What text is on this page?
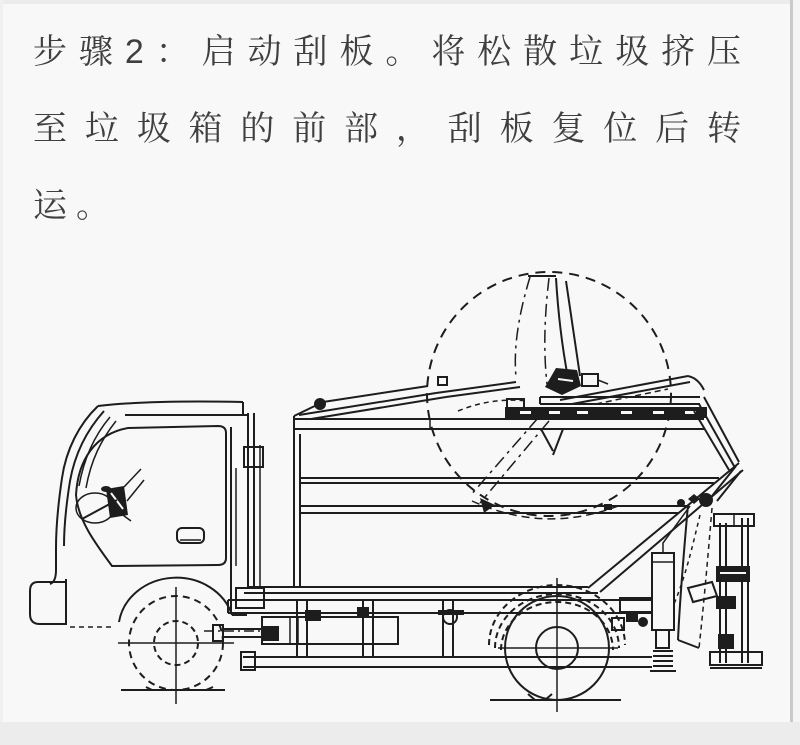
步骤2：启动刮板。将松散垃圾挤压
至垃圾箱的前部，刮板复位后转
运。
